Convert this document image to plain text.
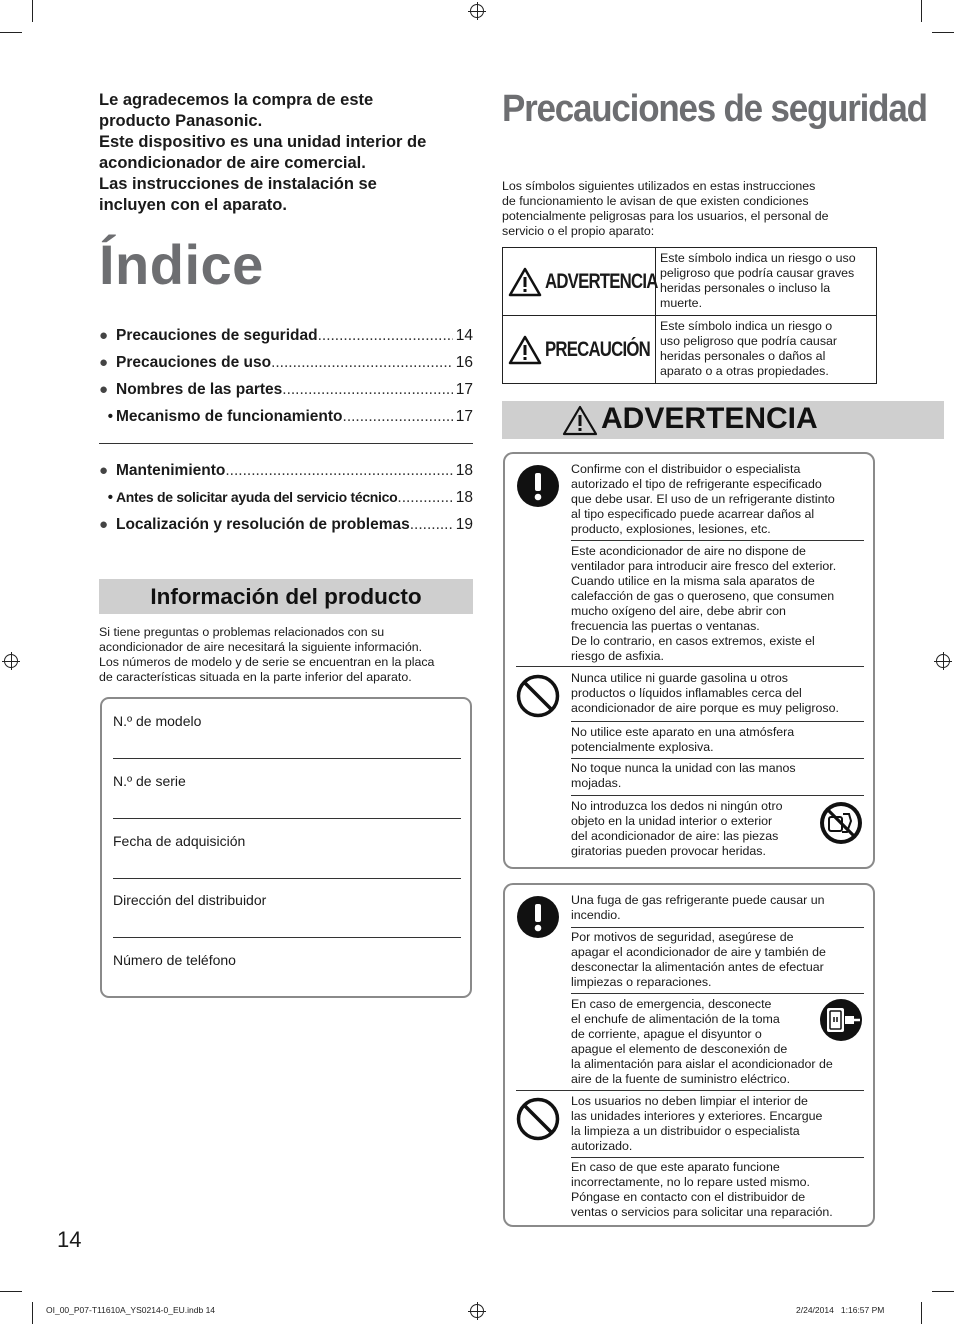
Le agradecemos la compra de este
producto Panasonic.
Este dispositivo es una unidad interior de
acondicionador de aire comercial.
Las instrucciones de instalación se
incluyen con el aparato.
Índice
● Precauciones de seguridad .....	14
● Precauciones de uso .....	16
● Nombres de las partes .....	17
• Mecanismo de funcionamiento .....	17
● Mantenimiento .....	18
• Antes de solicitar ayuda del servicio técnico .....	18
● Localización y resolución de problemas .....	19
Información del producto
Si tiene preguntas o problemas relacionados con su
acondicionador de aire necesitará la siguiente información.
Los números de modelo y de serie se encuentran en la placa
de características situada en la parte inferior del aparato.
N.º de modelo
N.º de serie
Fecha de adquisición
Dirección del distribuidor
Número de teléfono
14
OI_00_P07-T11610A_YS0214-0_EU.indb 14	2/24/2014   1:16:57 PM
Precauciones de seguridad
Los símbolos siguientes utilizados en estas instrucciones
de funcionamiento le avisan de que existen condiciones
potencialmente peligrosas para los usuarios, el personal de
servicio o el propio aparato:
ADVERTENCIA
Este símbolo indica un riesgo o uso
peligroso que podría causar graves
heridas personales o incluso la
muerte.
PRECAUCIÓN
Este símbolo indica un riesgo o
uso peligroso que podría causar
heridas personales o daños al
aparato o a otras propiedades.
ADVERTENCIA
Confirme con el distribuidor o especialista
autorizado el tipo de refrigerante especificado
que debe usar. El uso de un refrigerante distinto
al tipo especificado puede acarrear daños al
producto, explosiones, lesiones, etc.
Este acondicionador de aire no dispone de
ventilador para introducir aire fresco del exterior.
Cuando utilice en la misma sala aparatos de
calefacción de gas o queroseno, que consumen
mucho oxígeno del aire, debe abrir con
frecuencia las puertas o ventanas.
De lo contrario, en casos extremos, existe el
riesgo de asfixia.
Nunca utilice ni guarde gasolina u otros
productos o líquidos inflamables cerca del
acondicionador de aire porque es muy peligroso.
No utilice este aparato en una atmósfera
potencialmente explosiva.
No toque nunca la unidad con las manos
mojadas.
No introduzca los dedos ni ningún otro
objeto en la unidad interior o exterior
del acondicionador de aire: las piezas
giratorias pueden provocar heridas.
Una fuga de gas refrigerante puede causar un
incendio.
Por motivos de seguridad, asegúrese de
apagar el acondicionador de aire y también de
desconectar la alimentación antes de efectuar
limpiezas o reparaciones.
En caso de emergencia, desconecte
el enchufe de alimentación de la toma
de corriente, apague el disyuntor o
apague el elemento de desconexión de
la alimentación para aislar el acondicionador de
aire de la fuente de suministro eléctrico.
Los usuarios no deben limpiar el interior de
las unidades interiores y exteriores. Encargue
la limpieza a un distribuidor o especialista
autorizado.
En caso de que este aparato funcione
incorrectamente, no lo repare usted mismo.
Póngase en contacto con el distribuidor de
ventas o servicios para solicitar una reparación.
